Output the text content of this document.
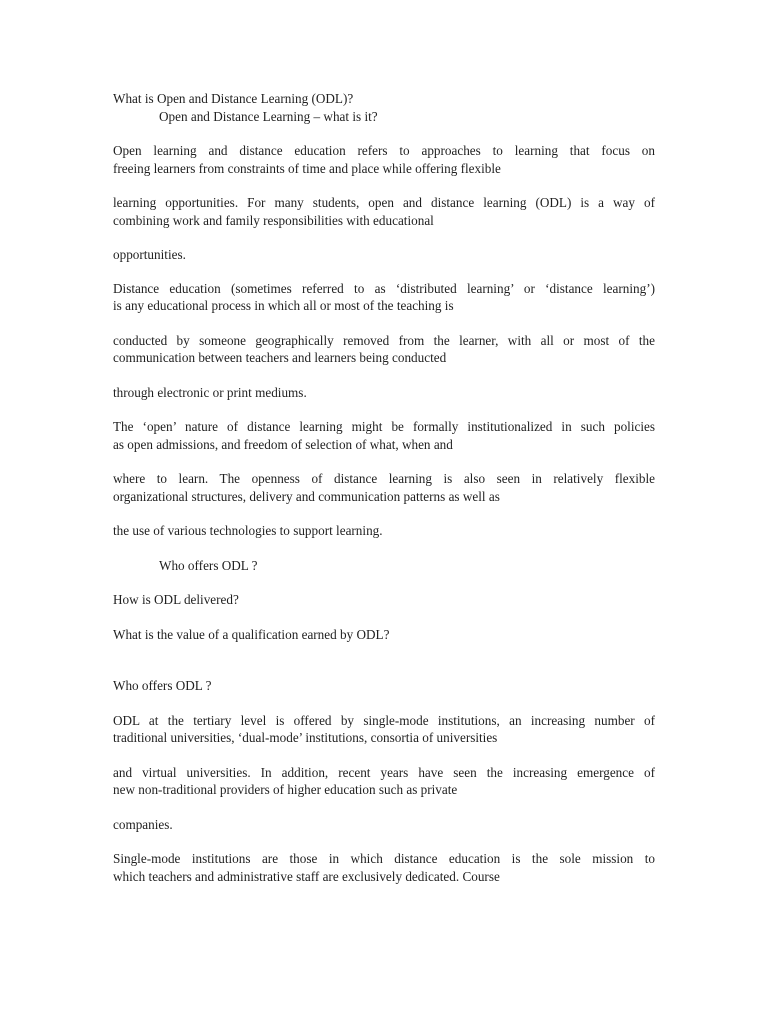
What is Open and Distance Learning (ODL)?
Open and Distance Learning – what is it?
Open learning and distance education refers to approaches to learning that focus on
freeing learners from constraints of time and place while offering flexible
learning opportunities. For many students, open and distance learning (ODL) is a way of
combining work and family responsibilities with educational
opportunities.
Distance education (sometimes referred to as ‘distributed learning’ or ‘distance learning’)
is any educational process in which all or most of the teaching is
conducted by someone geographically removed from the learner, with all or most of the
communication between teachers and learners being conducted
through electronic or print mediums.
The ‘open’ nature of distance learning might be formally institutionalized in such policies
as open admissions, and freedom of selection of what, when and
where to learn. The openness of distance learning is also seen in relatively flexible
organizational structures, delivery and communication patterns as well as
the use of various technologies to support learning.
Who offers ODL ?
How is ODL delivered?
What is the value of a qualification earned by ODL?
Who offers ODL ?
ODL at the tertiary level is offered by single-mode institutions, an increasing number of
traditional universities, ‘dual-mode’ institutions, consortia of universities
and virtual universities. In addition, recent years have seen the increasing emergence of
new non-traditional providers of higher education such as private
companies.
Single-mode institutions are those in which distance education is the sole mission to
which teachers and administrative staff are exclusively dedicated. Course
